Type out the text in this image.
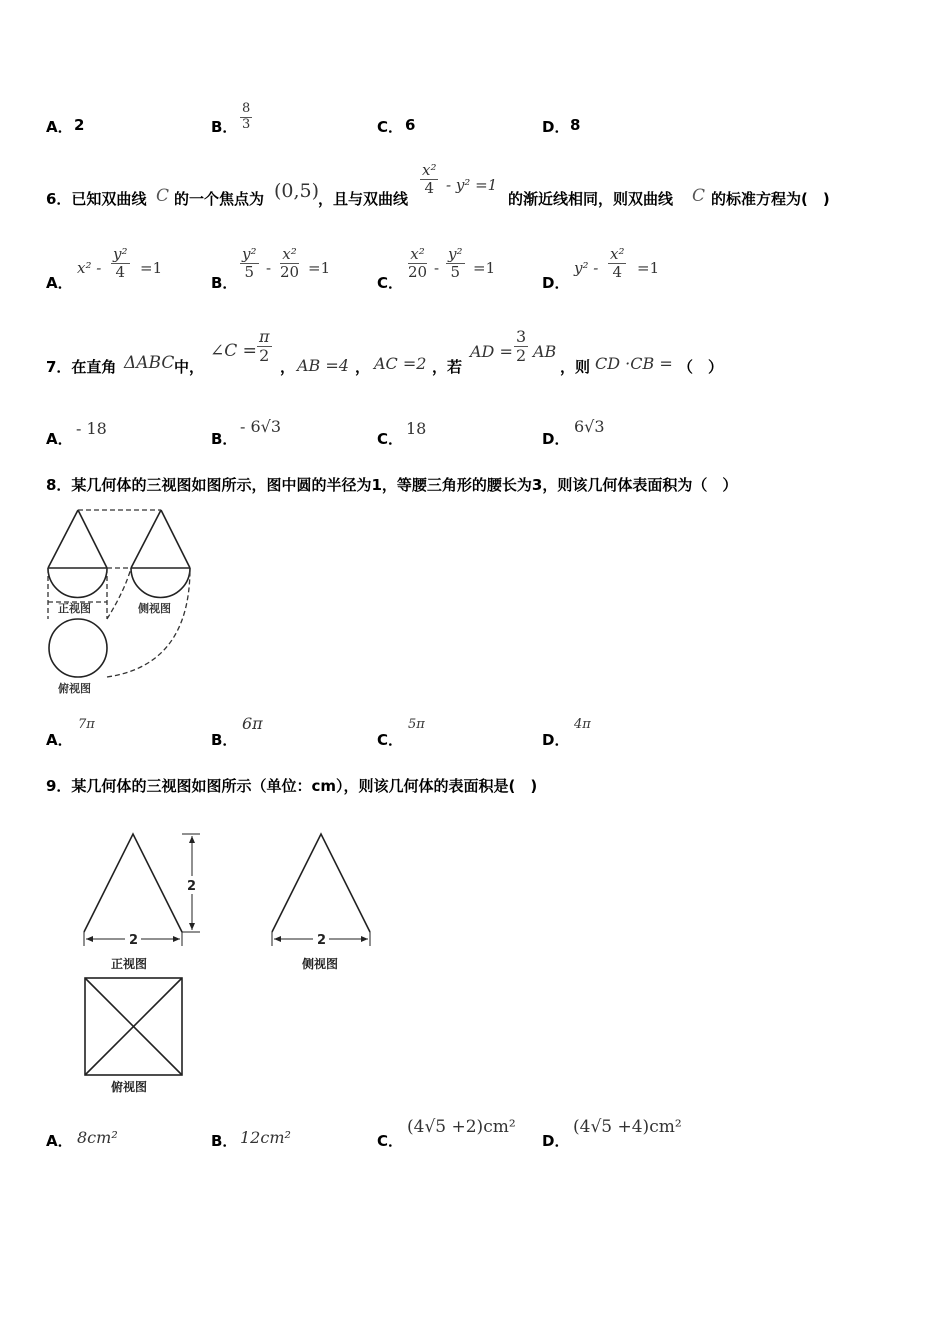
A． 2	B． $\frac{8}{3}$	C． 6	D． 8
6．已知双曲线 C 的一个焦点为 (0,5)
，且与双曲线
$\frac{\text{x²}}{4} - y^2 =1$
的渐近线相同，则双曲线 C 的标准方程为(　)
A．
$x^2 - \frac{\text{y²}}{4} =1$
B．
$\frac{\text{y²}}{5} - \frac{\text{x²}}{20} =1$
C．
$\frac{\text{x²}}{20} - \frac{\text{y²}}{5} =1$
D．
$y^2 - \frac{\text{x²}}{4} =1$
7．在直角 ΔABC 中，
∠C = $\frac{\pi}{2}$
， AB =4 ， AC =2 ，若
AD = $\frac{3}{2}$ AB
，则 CD ·CB = （　）
A．
- 18
B．
- 6√3
C．
18
D．
6√3
8．某几何体的三视图如图所示，图中圆的半径为1，等腰三角形的腰长为3，则该几何体表面积为（　）
正视图	侧视图
俯视图
A．
7π
B．
6π
C．
5π
D．
4π
9．某几何体的三视图如图所示（单位：cm），则该几何体的表面积是(　)
2
2	2
正视图	侧视图
俯视图
A． 8cm²	B． 12cm²	C．
(4√5 +2)cm²
D．
(4√5 +4)cm²
